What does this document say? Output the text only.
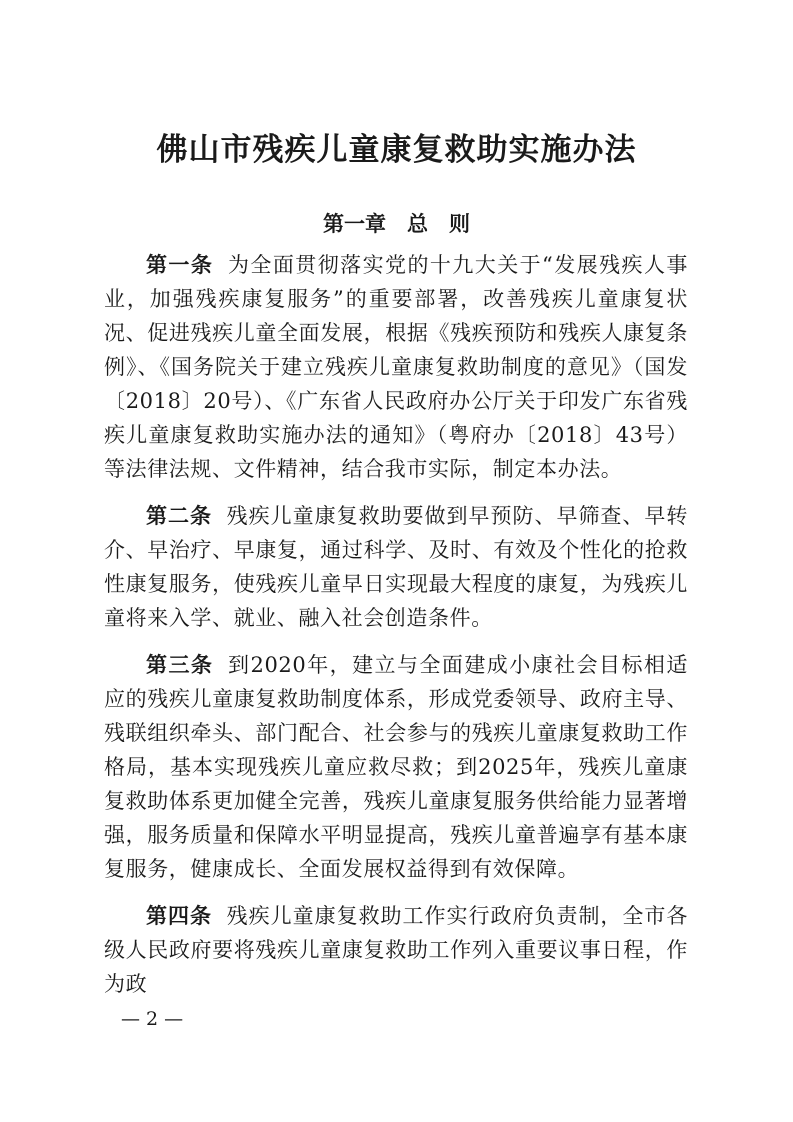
佛山市残疾儿童康复救助实施办法
第一章　总　则

第一条 为全面贯彻落实党的十九大关于“发展残疾人事业，加强残疾康复服务”的重要部署，改善残疾儿童康复状况、促进残疾儿童全面发展，根据《残疾预防和残疾人康复条例》、《国务院关于建立残疾儿童康复救助制度的意见》（国发〔2018〕20号）、《广东省人民政府办公厅关于印发广东省残疾儿童康复救助实施办法的通知》（粤府办〔2018〕43号）等法律法规、文件精神，结合我市实际，制定本办法。

第二条 残疾儿童康复救助要做到早预防、早筛查、早转介、早治疗、早康复，通过科学、及时、有效及个性化的抢救性康复服务，使残疾儿童早日实现最大程度的康复，为残疾儿童将来入学、就业、融入社会创造条件。

第三条 到2020年，建立与全面建成小康社会目标相适应的残疾儿童康复救助制度体系，形成党委领导、政府主导、残联组织牵头、部门配合、社会参与的残疾儿童康复救助工作格局，基本实现残疾儿童应救尽救；到2025年，残疾儿童康复救助体系更加健全完善，残疾儿童康复服务供给能力显著增强，服务质量和保障水平明显提高，残疾儿童普遍享有基本康复服务，健康成长、全面发展权益得到有效保障。

第四条 残疾儿童康复救助工作实行政府负责制，全市各级人民政府要将残疾儿童康复救助工作列入重要议事日程，作为政

— 2 —
